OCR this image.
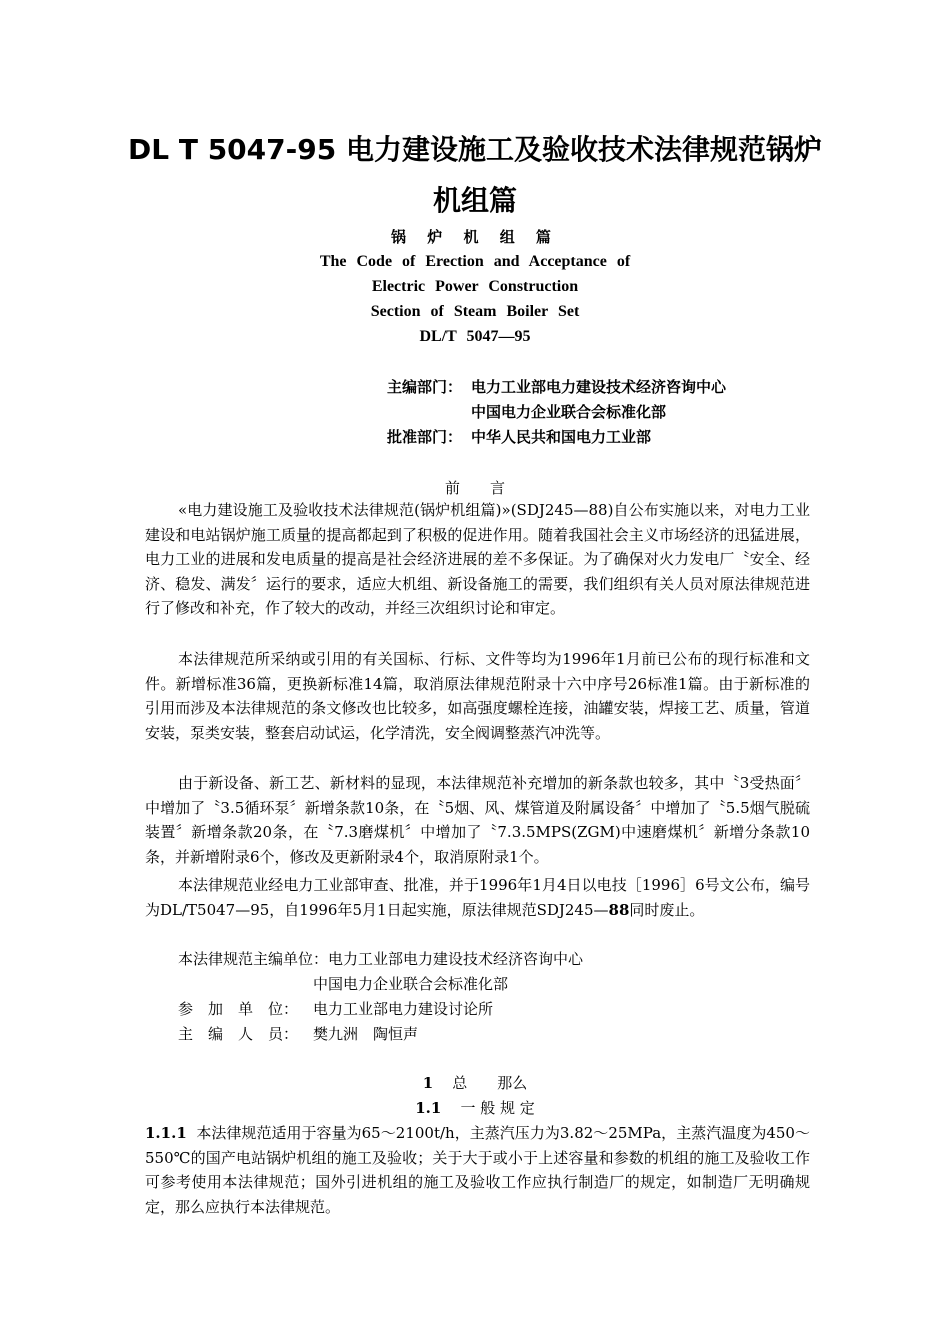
DL T 5047-95 电力建设施工及验收技术法律规范锅炉
机组篇
锅 炉 机 组 篇
The Code of Erection and Acceptance of
Electric Power Construction
Section of Steam Boiler Set
DL/T 5047—95
主编部门： 电力工业部电力建设技术经济咨询中心
中国电力企业联合会标准化部
批准部门： 中华人民共和国电力工业部
前　　言
«电力建设施工及验收技术法律规范(锅炉机组篇)»(SDJ245—88)自公布实施以来，对电力工业建设和电站锅炉施工质量的提高都起到了积极的促进作用。随着我国社会主义市场经济的迅猛进展，电力工业的进展和发电质量的提高是社会经济进展的差不多保证。为了确保对火力发电厂〝安全、经济、稳发、满发〞运行的要求，适应大机组、新设备施工的需要，我们组织有关人员对原法律规范进行了修改和补充，作了较大的改动，并经三次组织讨论和审定。
本法律规范所采纳或引用的有关国标、行标、文件等均为1996年1月前已公布的现行标准和文件。新增标准36篇，更换新标准14篇，取消原法律规范附录十六中序号26标准1篇。由于新标准的引用而涉及本法律规范的条文修改也比较多，如高强度螺栓连接，油罐安装，焊接工艺、质量，管道安装，泵类安装，整套启动试运，化学清洗，安全阀调整蒸汽冲洗等。
由于新设备、新工艺、新材料的显现，本法律规范补充增加的新条款也较多，其中〝3受热面〞中增加了〝3.5循环泵〞新增条款10条，在〝5烟、风、煤管道及附属设备〞中增加了〝5.5烟气脱硫装置〞新增条款20条，在〝7.3磨煤机〞中增加了〝7.3.5MPS(ZGM)中速磨煤机〞新增分条款10条，并新增附录6个，修改及更新附录4个，取消原附录1个。
本法律规范业经电力工业部审查、批准，并于1996年1月4日以电技［1996］6号文公布，编号为DL/T5047—95，自1996年5月1日起实施，原法律规范SDJ245—88同时废止。
本法律规范主编单位： 电力工业部电力建设技术经济咨询中心
中国电力企业联合会标准化部
参　加　单　位： 电力工业部电力建设讨论所
主　编　人　员： 樊九洲　陶恒声
1 总　　那么
1.1 一 般 规 定
1.1.1 本法律规范适用于容量为65～2100t/h，主蒸汽压力为3.82～25MPa，主蒸汽温度为450～550℃的国产电站锅炉机组的施工及验收；关于大于或小于上述容量和参数的机组的施工及验收工作可参考使用本法律规范；国外引进机组的施工及验收工作应执行制造厂的规定，如制造厂无明确规定，那么应执行本法律规范。
